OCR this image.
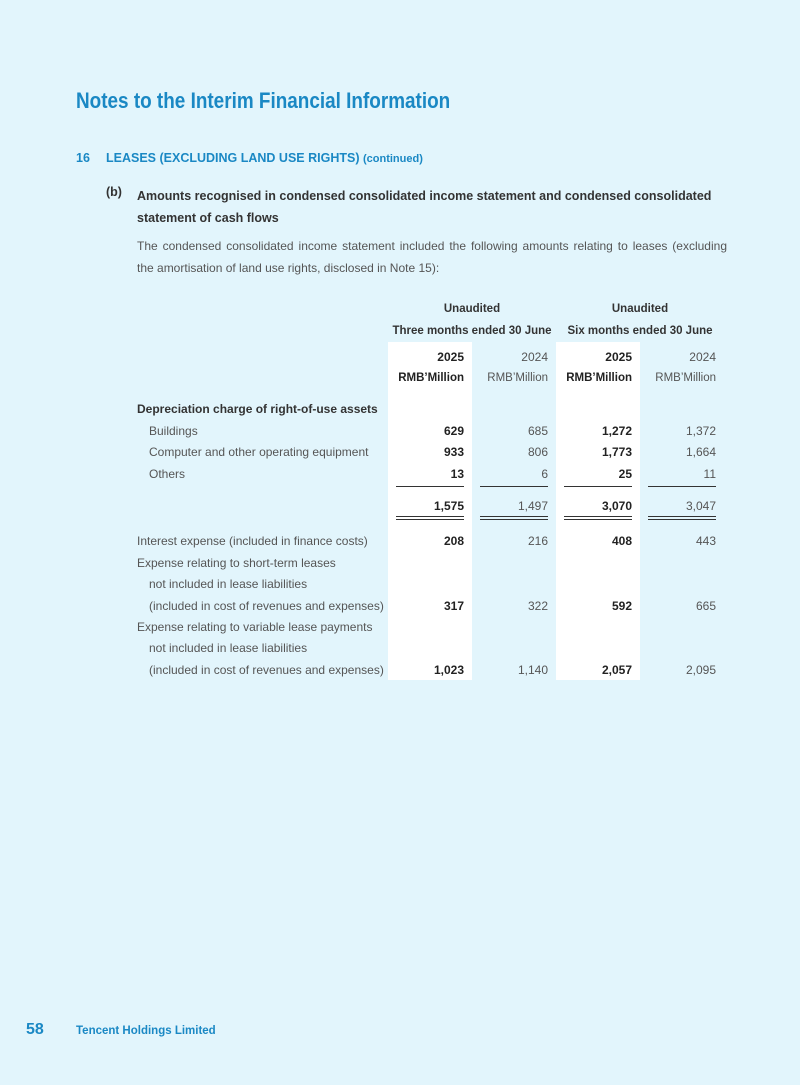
Notes to the Interim Financial Information
16 LEASES (EXCLUDING LAND USE RIGHTS) (continued)
(b) Amounts recognised in condensed consolidated income statement and condensed consolidated statement of cash flows
The condensed consolidated income statement included the following amounts relating to leases (excluding the amortisation of land use rights, disclosed in Note 15):
Unaudited
Three months ended 30 June
Unaudited
Six months ended 30 June
2025	2024	2025	2024
RMB’Million	RMB’Million	RMB’Million	RMB’Million
Depreciation charge of right-of-use assets
Buildings	629	685	1,272	1,372
Computer and other operating equipment	933	806	1,773	1,664
Others	13	6	25	11
1,575	1,497	3,070	3,047
Interest expense (included in finance costs)	208	216	408	443
Expense relating to short-term leases
not included in lease liabilities
(included in cost of revenues and expenses)	317	322	592	665
Expense relating to variable lease payments
not included in lease liabilities
(included in cost of revenues and expenses)	1,023	1,140	2,057	2,095
58	Tencent Holdings Limited
